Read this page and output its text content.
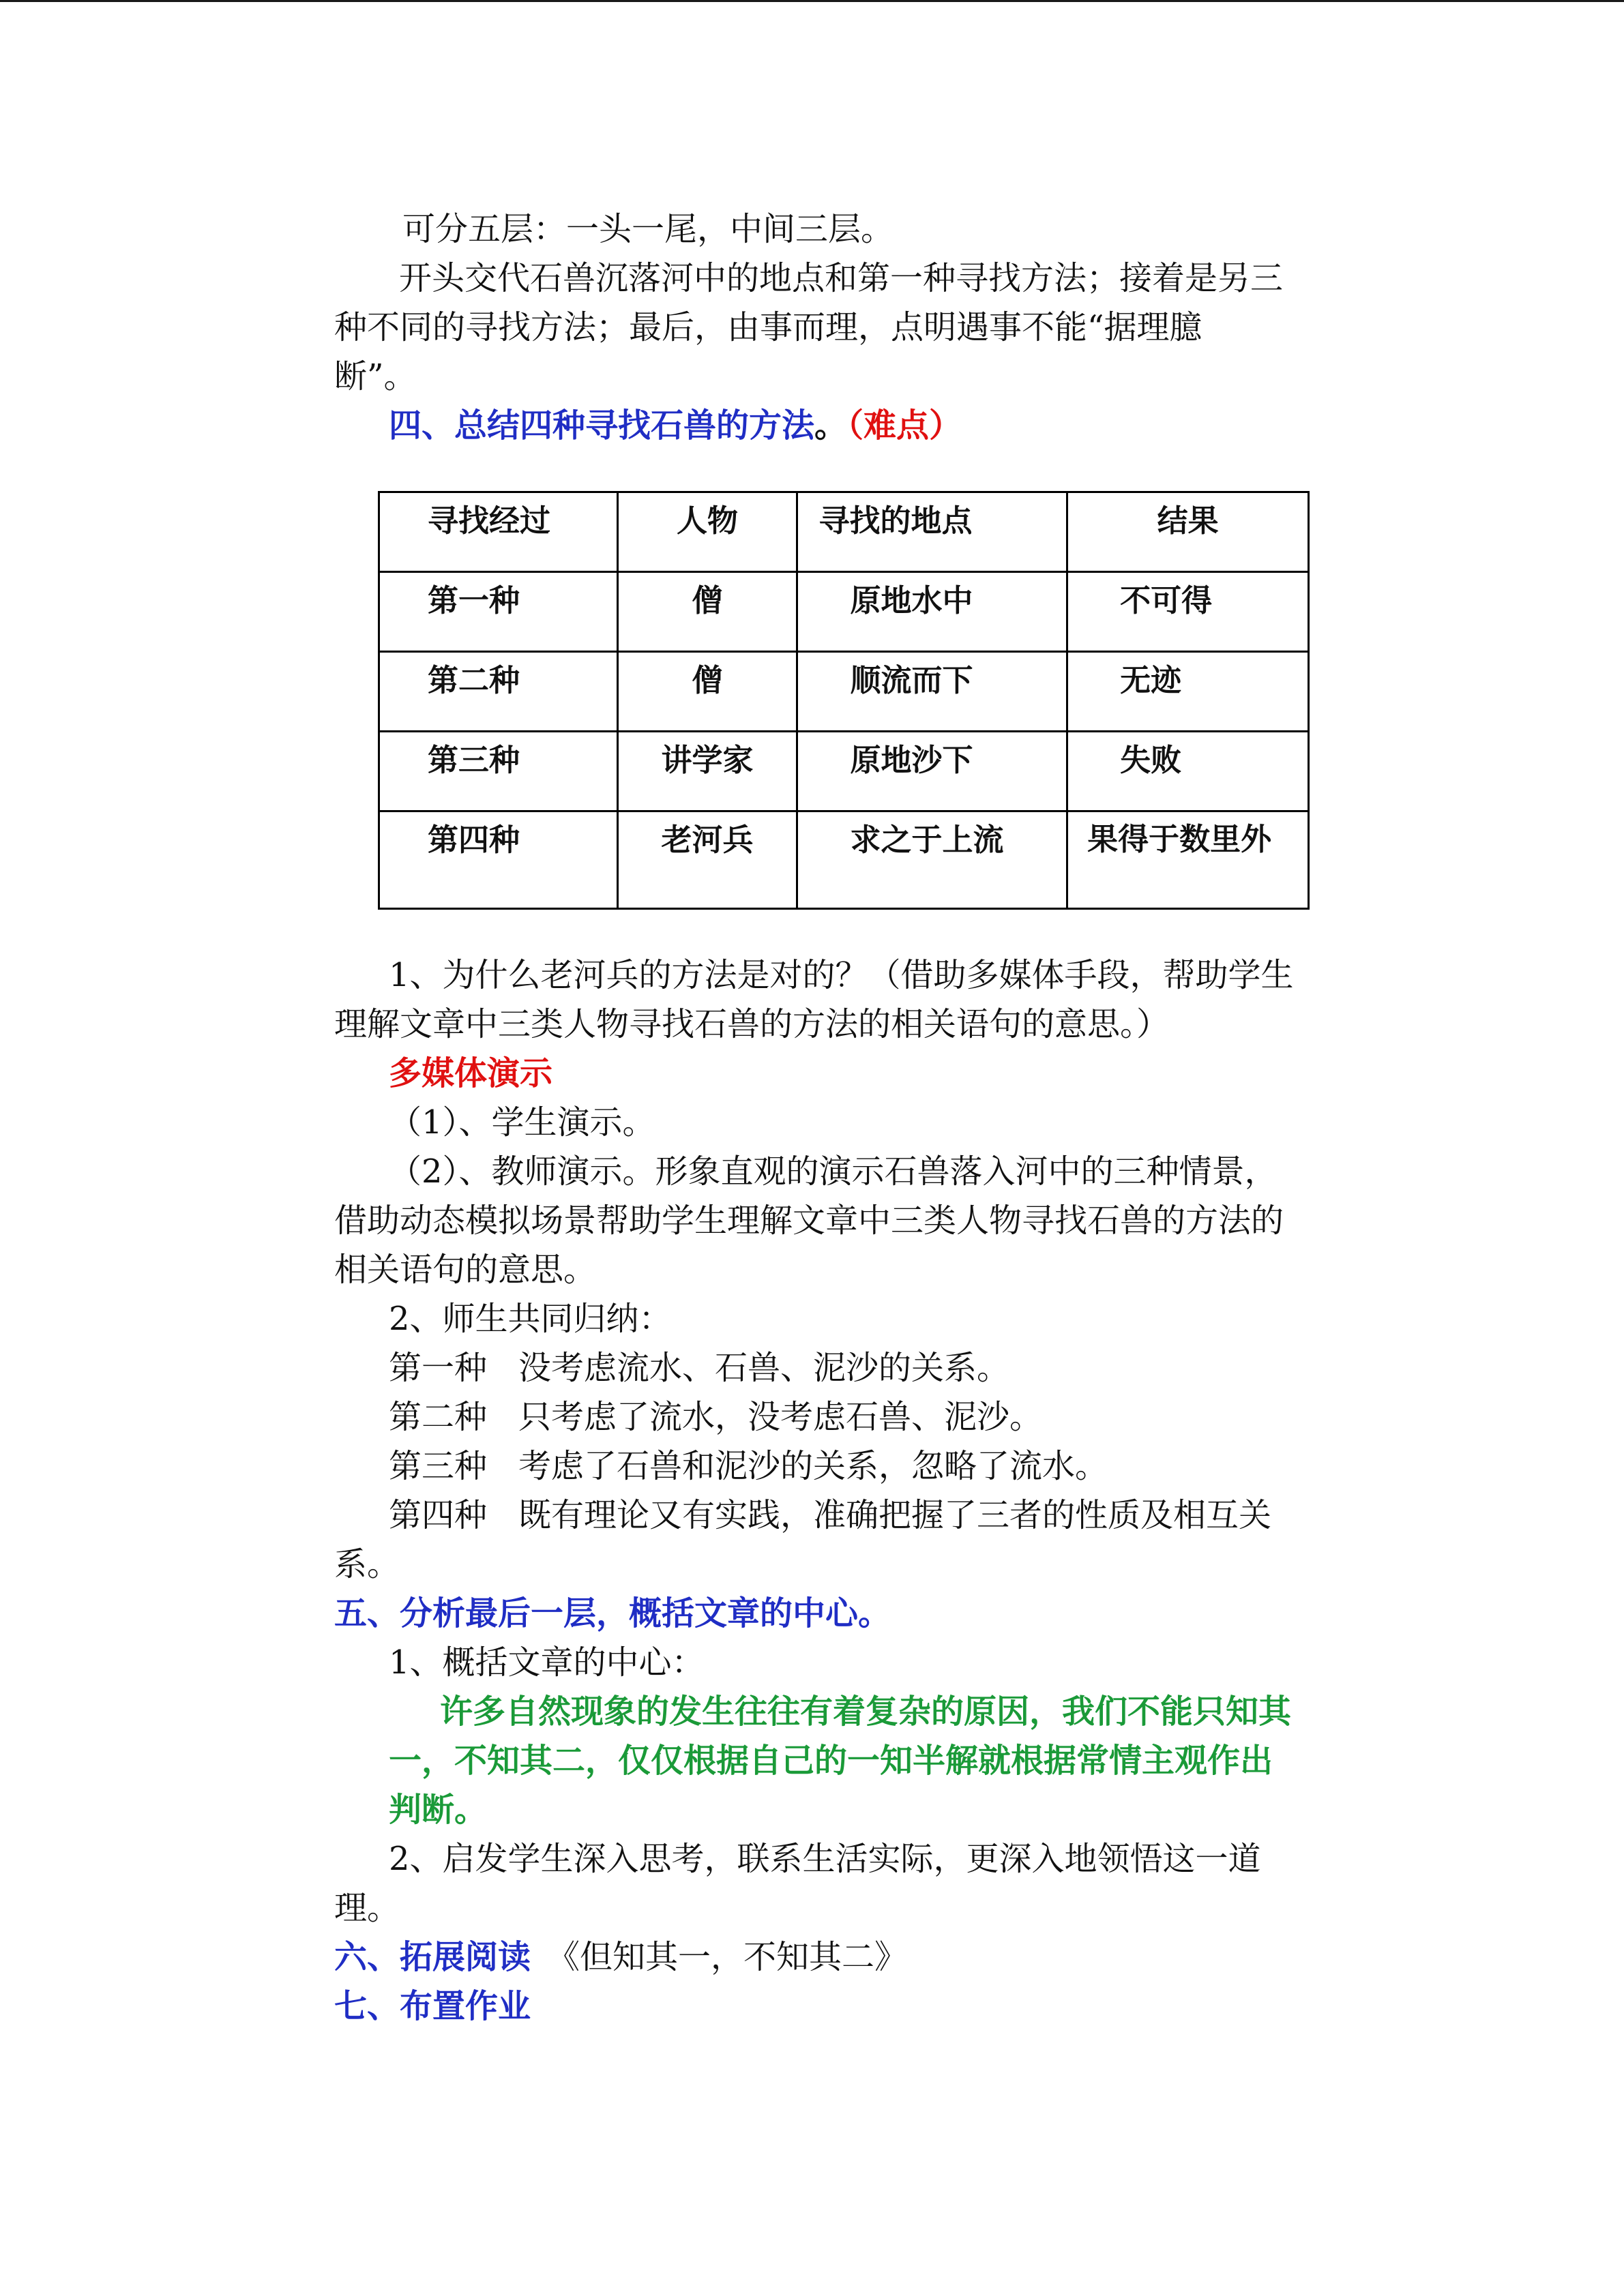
可分五层：一头一尾，中间三层。

开头交代石兽沉落河中的地点和第一种寻找方法；接着是另三

种不同的寻找方法；最后，由事而理，点明遇事不能“据理臆

断”。

四、总结四种寻找石兽的方法。（难点）

寻找经过	人物	寻找的地点	结果
第一种	僧	原地水中	不可得
第二种	僧	顺流而下	无迹
第三种	讲学家	原地沙下	失败
第四种	老河兵	求之于上流	果得于数里外

1、为什么老河兵的方法是对的？（借助多媒体手段，帮助学生

理解文章中三类人物寻找石兽的方法的相关语句的意思。）

多媒体演示

（1）、学生演示。

（2）、教师演示。形象直观的演示石兽落入河中的三种情景，

借助动态模拟场景帮助学生理解文章中三类人物寻找石兽的方法的

相关语句的意思。

2、师生共同归纳：

第一种 没考虑流水、石兽、泥沙的关系。

第二种 只考虑了流水，没考虑石兽、泥沙。

第三种 考虑了石兽和泥沙的关系，忽略了流水。

第四种 既有理论又有实践，准确把握了三者的性质及相互关

系。

五、分析最后一层，概括文章的中心。

1、概括文章的中心：

许多自然现象的发生往往有着复杂的原因，我们不能只知其

一，不知其二，仅仅根据自己的一知半解就根据常情主观作出

判断。

2、启发学生深入思考，联系生活实际，更深入地领悟这一道

理。

六、拓展阅读 《但知其一，不知其二》

七、布置作业
